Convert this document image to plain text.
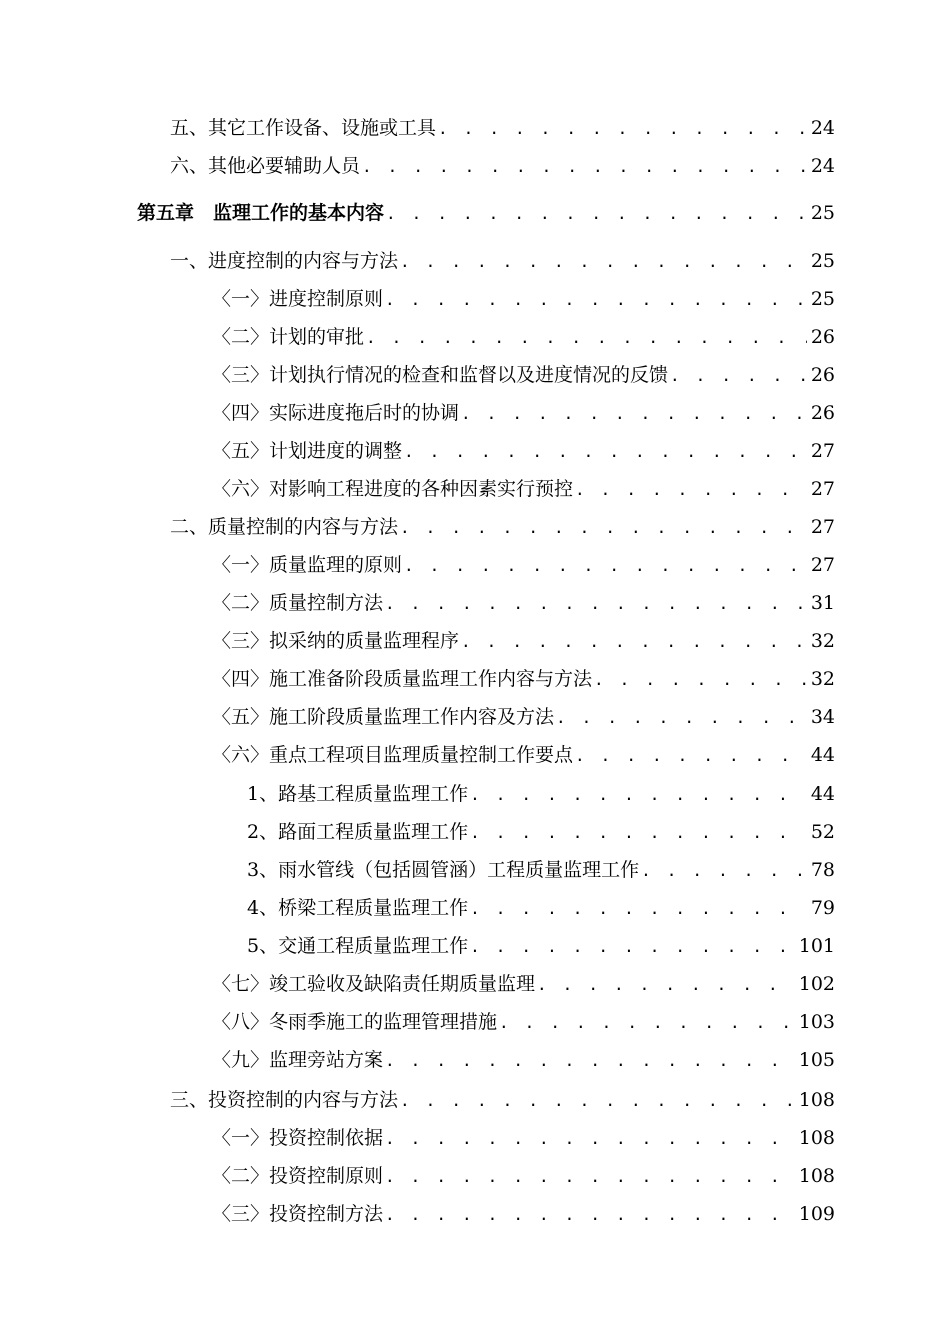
五、其它工作设备、设施或工具 . . .	24
六、其他必要辅助人员 . . .	24
第五章　监理工作的基本内容 . . .	25
一、进度控制的内容与方法 . . .	25
〈一〉进度控制原则 . . .	25
〈二〉计划的审批 . . .	26
〈三〉计划执行情况的检查和监督以及进度情况的反馈 . . .	26
〈四〉实际进度拖后时的协调 . . .	26
〈五〉计划进度的调整 . . .	27
〈六〉对影响工程进度的各种因素实行预控 . . .	27
二、质量控制的内容与方法 . . .	27
〈一〉质量监理的原则 . . .	27
〈二〉质量控制方法 . . .	31
〈三〉拟采纳的质量监理程序 . . .	32
〈四〉施工准备阶段质量监理工作内容与方法 . . .	32
〈五〉施工阶段质量监理工作内容及方法 . . .	34
〈六〉重点工程项目监理质量控制工作要点 . . .	44
1、路基工程质量监理工作 . . .	44
2、路面工程质量监理工作 . . .	52
3、雨水管线（包括圆管涵）工程质量监理工作 . . .	78
4、桥梁工程质量监理工作 . . .	79
5、交通工程质量监理工作 . . .	101
〈七〉竣工验收及缺陷责任期质量监理 . . .	102
〈八〉冬雨季施工的监理管理措施 . . .	103
〈九〉监理旁站方案 . . .	105
三、投资控制的内容与方法 . . .	108
〈一〉投资控制依据 . . .	108
〈二〉投资控制原则 . . .	108
〈三〉投资控制方法 . . .	109
